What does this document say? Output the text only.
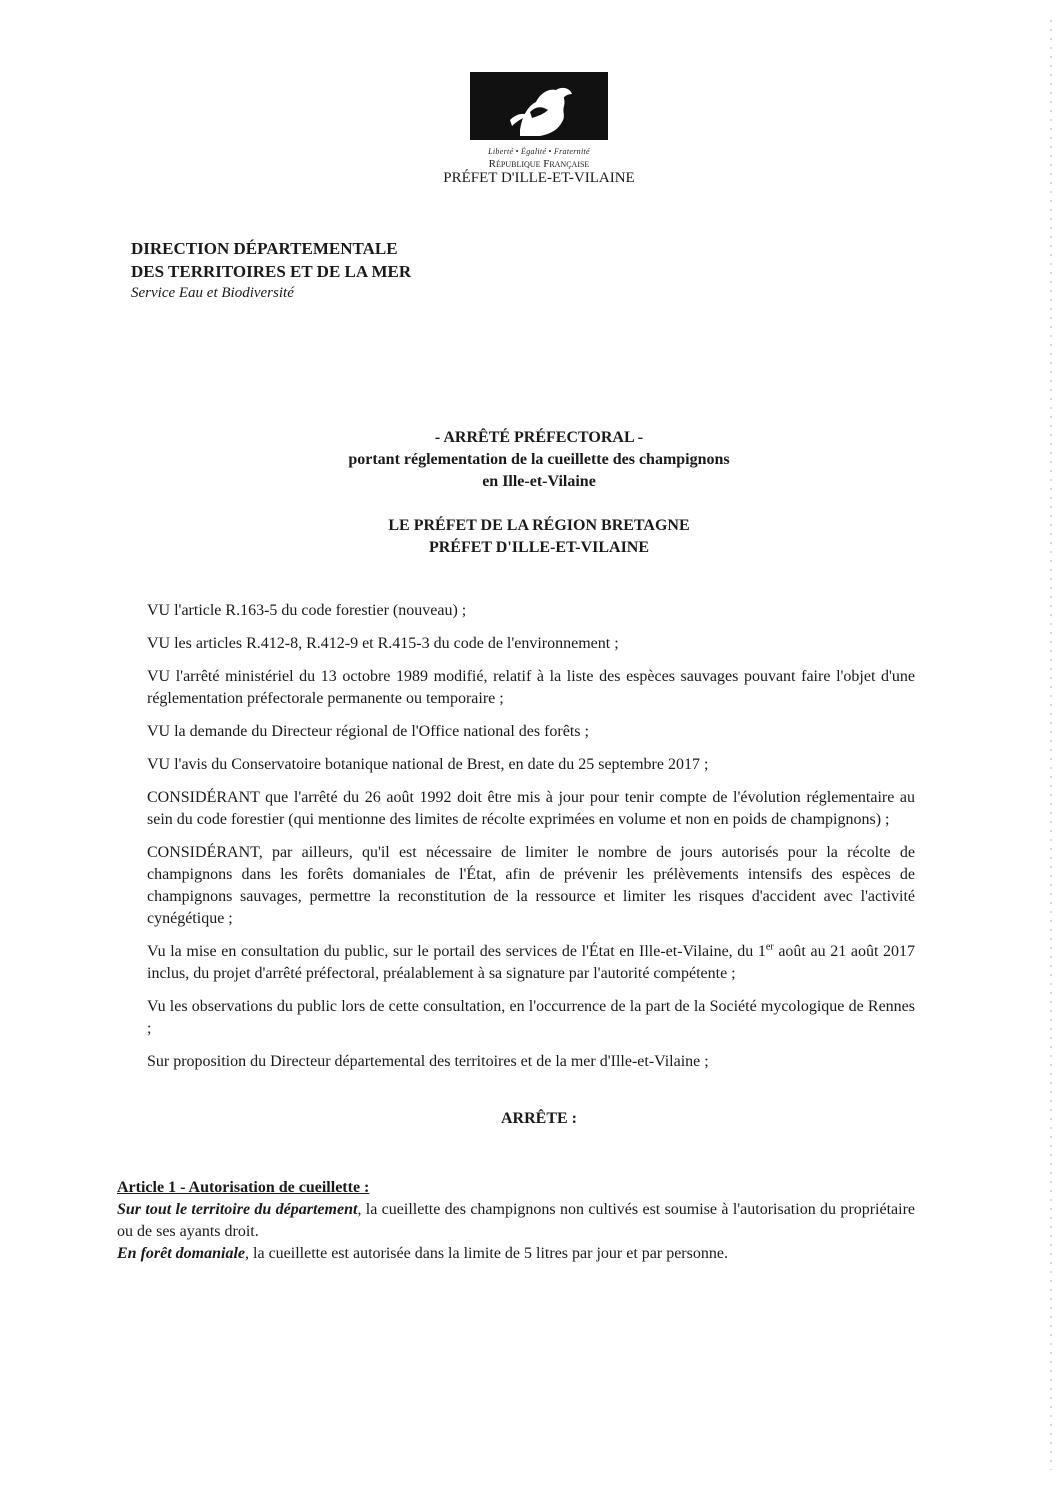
Liberté • Égalité • Fraternité
République Française
PRÉFET D'ILLE-ET-VILAINE
DIRECTION DÉPARTEMENTALE
DES TERRITOIRES ET DE LA MER
Service Eau et Biodiversité
- ARRÊTÉ PRÉFECTORAL -
portant réglementation de la cueillette des champignons
en Ille-et-Vilaine
LE PRÉFET DE LA RÉGION BRETAGNE
PRÉFET D'ILLE-ET-VILAINE

VU l'article R.163-5 du code forestier (nouveau) ;

VU les articles R.412-8, R.412-9 et R.415-3 du code de l'environnement ;

VU l'arrêté ministériel du 13 octobre 1989 modifié, relatif à la liste des espèces sauvages pouvant faire l'objet d'une réglementation préfectorale permanente ou temporaire ;

VU la demande du Directeur régional de l'Office national des forêts ;

VU l'avis du Conservatoire botanique national de Brest, en date du 25 septembre 2017 ;

CONSIDÉRANT que l'arrêté du 26 août 1992 doit être mis à jour pour tenir compte de l'évolution réglementaire au sein du code forestier (qui mentionne des limites de récolte exprimées en volume et non en poids de champignons) ;

CONSIDÉRANT, par ailleurs, qu'il est nécessaire de limiter le nombre de jours autorisés pour la récolte de champignons dans les forêts domaniales de l'État, afin de prévenir les prélèvements intensifs des espèces de champignons sauvages, permettre la reconstitution de la ressource et limiter les risques d'accident avec l'activité cynégétique ;

Vu la mise en consultation du public, sur le portail des services de l'État en Ille-et-Vilaine, du 1er août au 21 août 2017 inclus, du projet d'arrêté préfectoral, préalablement à sa signature par l'autorité compétente ;

Vu les observations du public lors de cette consultation, en l'occurrence de la part de la Société mycologique de Rennes ;

Sur proposition du Directeur départemental des territoires et de la mer d'Ille-et-Vilaine ;

ARRÊTE :
Article 1 - Autorisation de cueillette :

Sur tout le territoire du département, la cueillette des champignons non cultivés est soumise à l'autorisation du propriétaire ou de ses ayants droit.

En forêt domaniale, la cueillette est autorisée dans la limite de 5 litres par jour et par personne.
